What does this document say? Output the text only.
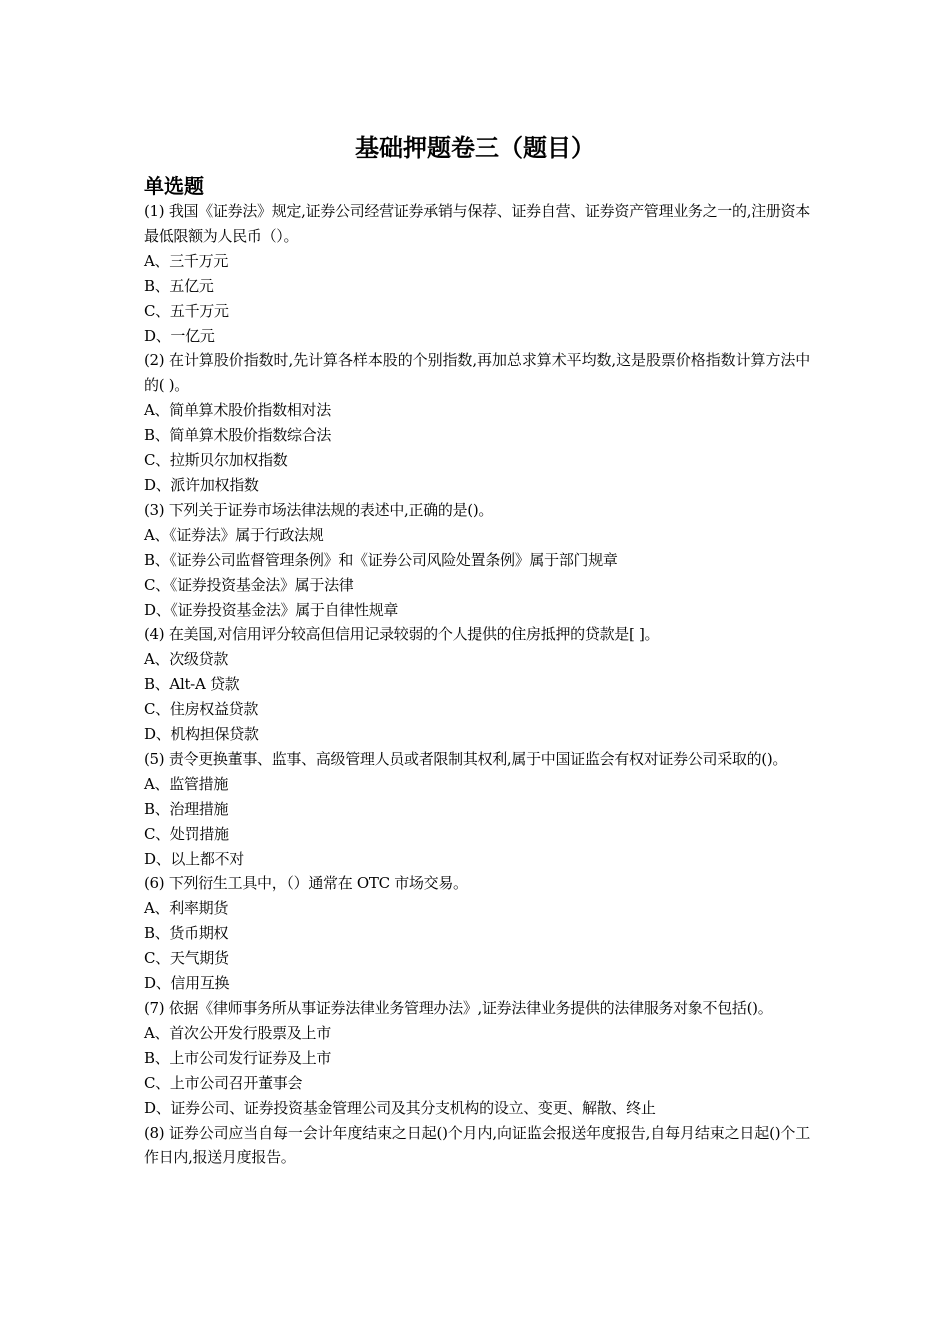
基础押题卷三（题目）
单选题

(1) 我国《证券法》规定,证券公司经营证券承销与保荐、证券自营、证券资产管理业务之一的,注册资本最低限额为人民币（）。

A、三千万元

B、五亿元

C、五千万元

D、一亿元

(2) 在计算股价指数时,先计算各样本股的个别指数,再加总求算术平均数,这是股票价格指数计算方法中的( )。

A、简单算术股价指数相对法

B、简单算术股价指数综合法

C、拉斯贝尔加权指数

D、派许加权指数

(3) 下列关于证券市场法律法规的表述中,正确的是()。

A、《证券法》属于行政法规

B、《证券公司监督管理条例》和《证券公司风险处置条例》属于部门规章

C、《证券投资基金法》属于法律

D、《证券投资基金法》属于自律性规章

(4) 在美国,对信用评分较高但信用记录较弱的个人提供的住房抵押的贷款是[ ]。

A、次级贷款

B、Alt-A 贷款

C、住房权益贷款

D、机构担保贷款

(5) 责令更换董事、监事、高级管理人员或者限制其权利,属于中国证监会有权对证券公司采取的()。

A、监管措施

B、治理措施

C、处罚措施

D、以上都不对

(6) 下列衍生工具中，（）通常在 OTC 市场交易。

A、利率期货

B、货币期权

C、天气期货

D、信用互换

(7) 依据《律师事务所从事证券法律业务管理办法》,证券法律业务提供的法律服务对象不包括()。

A、首次公开发行股票及上市

B、上市公司发行证券及上市

C、上市公司召开董事会

D、证券公司、证券投资基金管理公司及其分支机构的设立、变更、解散、终止

(8) 证券公司应当自每一会计年度结束之日起()个月内,向证监会报送年度报告,自每月结束之日起()个工作日内,报送月度报告。
